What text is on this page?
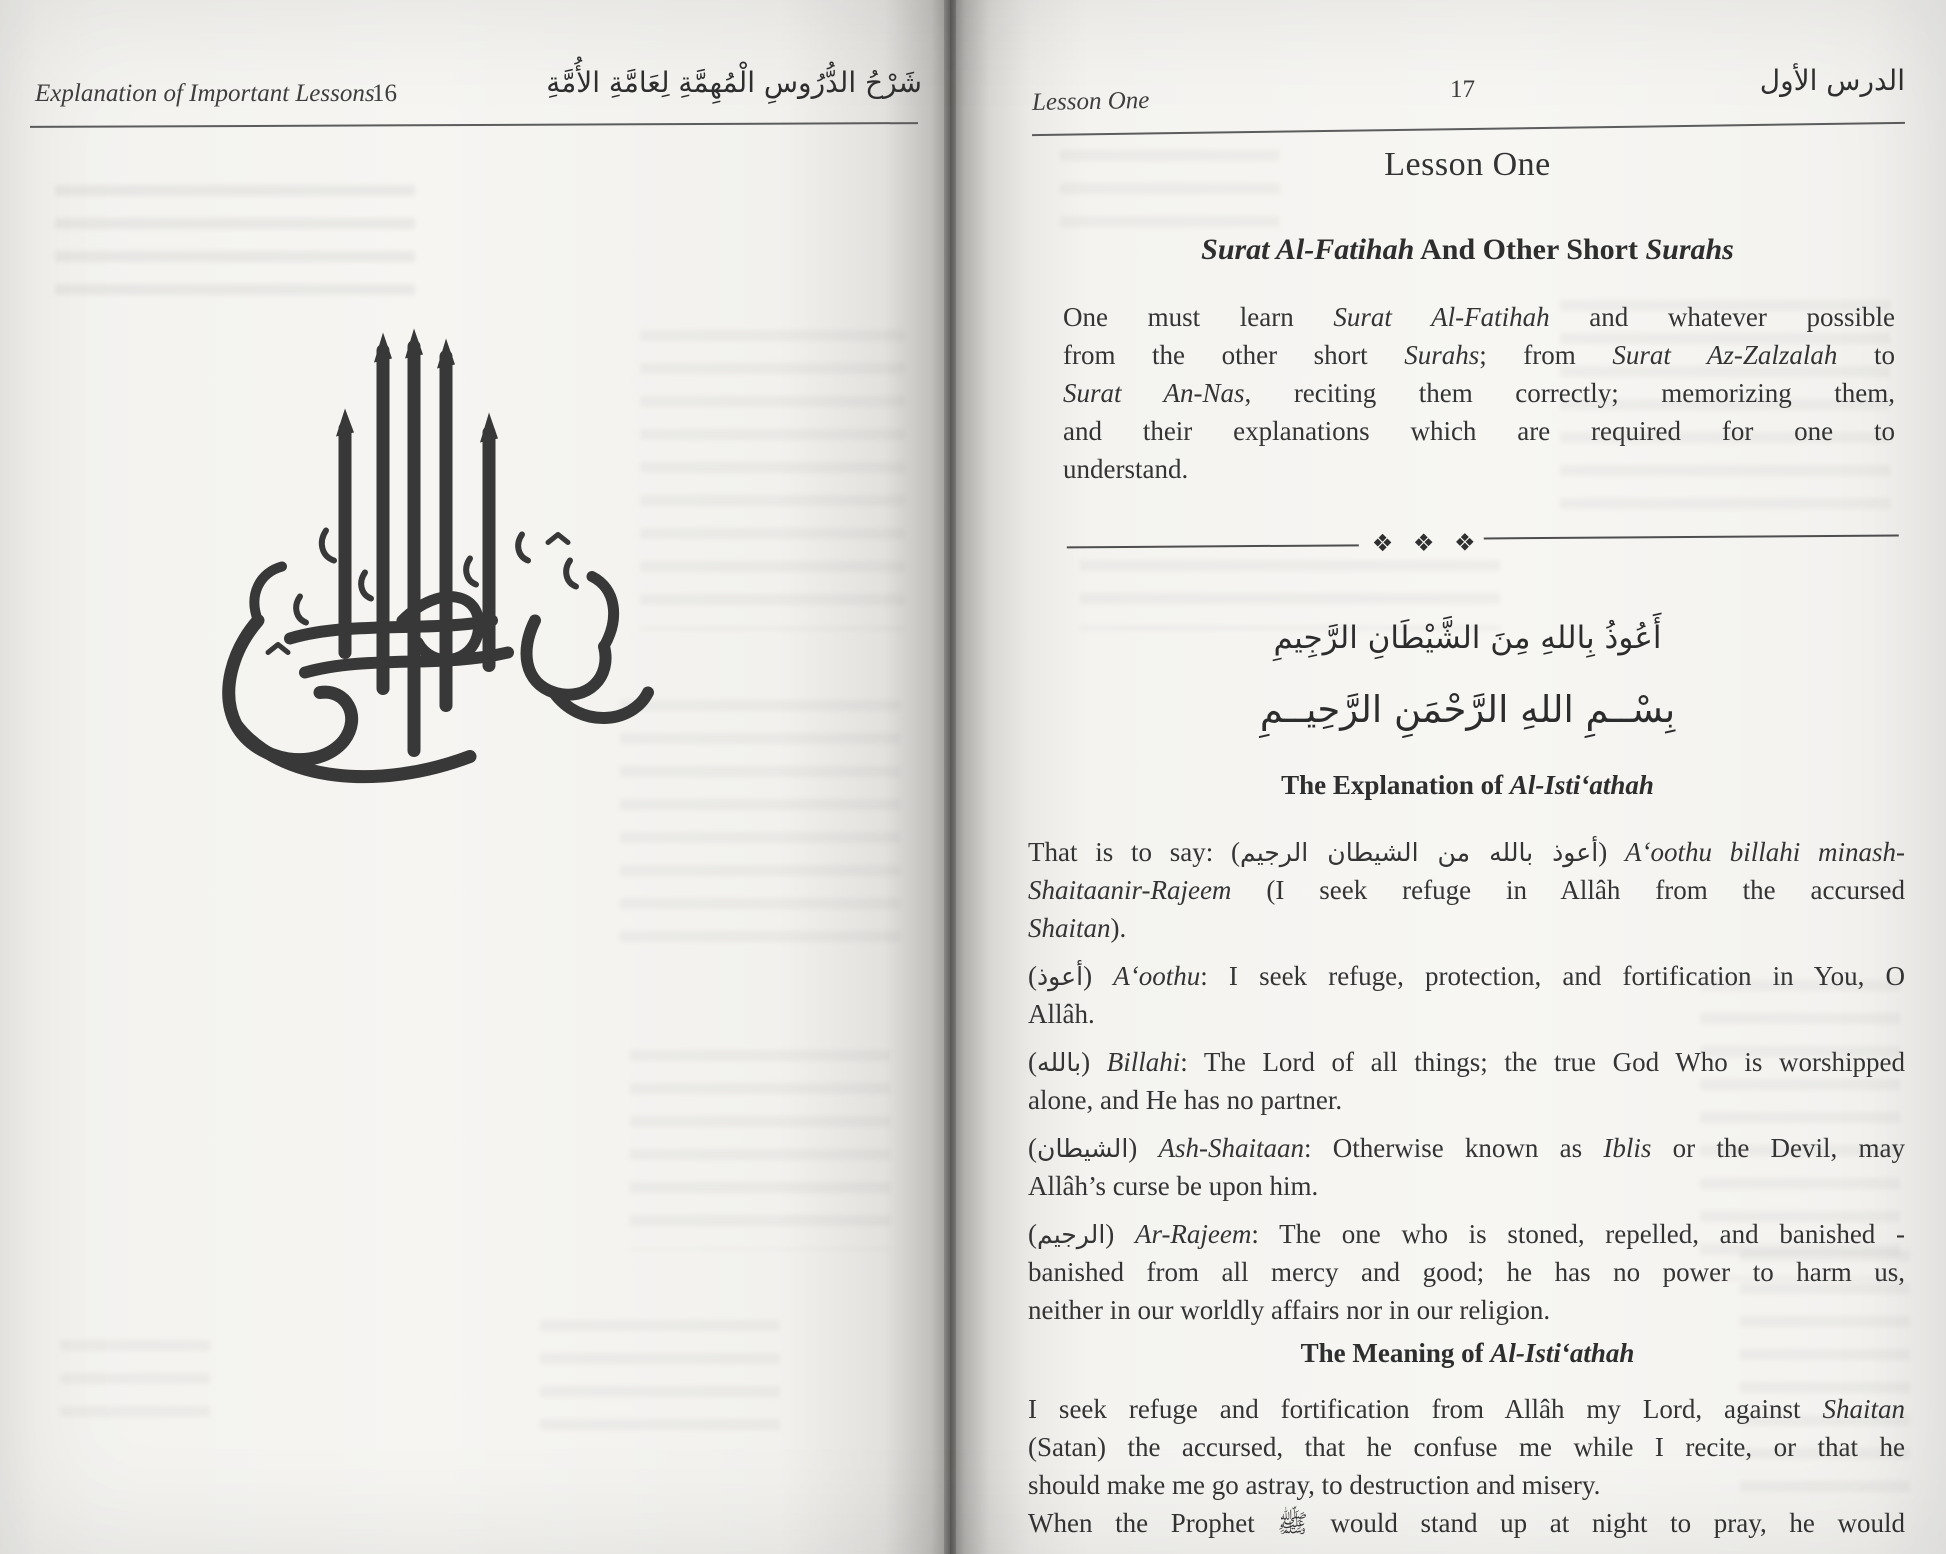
Explanation of Important Lessons
16	شَرْحُ الدُّرُوسِ الْمُهِمَّةِ لِعَامَّةِ الأُمَّةِ
Lesson One	17	الدرس الأول
Lesson One
Surat Al-Fatihah And Other Short Surahs
One must learn Surat Al-Fatihah and whatever possible
from the other short Surahs; from Surat Az-Zalzalah to
Surat An-Nas, reciting them correctly; memorizing them,
and their explanations which are required for one to
understand.
❖ ❖ ❖
أَعُوذُ بِاللهِ مِنَ الشَّيْطَانِ الرَّجِيمِ
بِسْــمِ اللهِ الرَّحْمَنِ الرَّحِيــمِ
The Explanation of Al-Isti‘athah
That is to say: (أعوذ بالله من الشيطان الرجيم) A‘oothu billahi minash-
Shaitaanir-Rajeem (I seek refuge in Allâh from the accursed
Shaitan).
(أعوذ) A‘oothu: I seek refuge, protection, and fortification in You, O
Allâh.
(بالله) Billahi: The Lord of all things; the true God Who is worshipped
alone, and He has no partner.
(الشيطان) Ash-Shaitaan: Otherwise known as Iblis or the Devil, may
Allâh’s curse be upon him.
(الرجيم) Ar-Rajeem: The one who is stoned, repelled, and banished -
banished from all mercy and good; he has no power to harm us,
neither in our worldly affairs nor in our religion.
I seek refuge and fortification from Allâh my Lord, against Shaitan
(Satan) the accursed, that he confuse me while I recite, or that he
should make me go astray, to destruction and misery.
When the Prophet ﷺ would stand up at night to pray, he would
The Meaning of Al-Isti‘athah
